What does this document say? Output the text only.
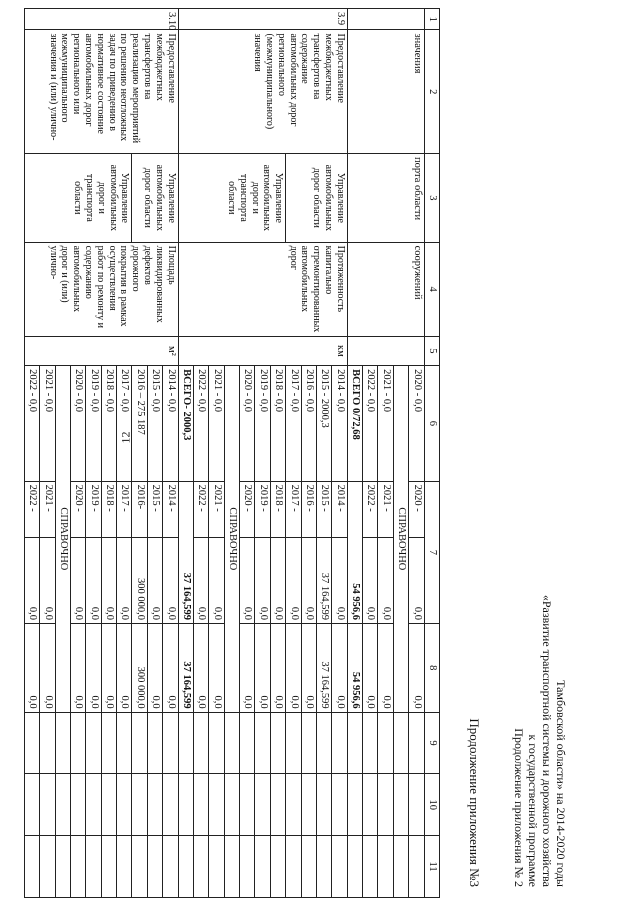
12
Продолжение приложения №3	Продолжение приложения № 2 к государственной программе «Развитие транспортной системы и дорожного хозяйства Тамбовской области» на 2014-2020 годы
1	2	3	4	5	6	7		8	9	10	11
	значения	порта области	сооружений		2020 - 0,0	2020 -	0,0	0,0			
					СПРАВОЧНО						
					2021 - 0,0	2021 -	0,0	0,0			
					2022 - 0,0	2022 -	0,0	0,0			
					ВСЕГО 0/72,68	54 956,6		54 956,6			
3.9	Предоставление межбюджетных трансфертов на содержание автомобильных дорог регионального (межмуниципального) значения	Управление автомобильных дорог области	Протяженность капитально отремонтированных автомобильных дорог	км	2014 - 0,0	2014 -	0,0	0,0			
					2015 - 2000,3	2015 -	37 164,599	37 164,599			
					2016 - 0,0	2016 -	0,0	0,0			
					2017 - 0,0	2017 -	0,0	0,0			
		Управление автомобильных дорог и транспорта области			2018 - 0,0	2018 -	0,0	0,0			
					2019 - 0,0	2019 -	0,0	0,0			
					2020 - 0,0	2020 -	0,0	0,0			
					СПРАВОЧНО						
					2021 - 0,0	2021 -	0,0	0,0			
					2022 - 0,0	2022 -	0,0	0,0			
					ВСЕГО- 2000,3	37 164,599		37 164,599			
3.10	Предоставление межбюджетных трансфертов на реализацию мероприятий по решению неотложных задач по приведению в нормативное состояние автомобильных дорог регионального или межмуниципального значения и (или) улично-	Управление автомобильных дорог области	Площадь ликвидированных дефектов дорожного покрытия в рамках осуществления работ по ремонту и содержанию автомобильных дорог и (или) улично-	м²	2014 - 0,0	2014 -	0,0	0,0			
					2015 - 0,0	2015 -	0,0	0,0			
					2016 – 275 187	2016-	300 000,0	300 000,0			
		Управление автомобильных дорог и транспорта области			2017 - 0,0	2017 -	0,0	0,0			
					2018 - 0,0	2018 -	0,0	0,0			
					2019 - 0,0	2019 -	0,0	0,0			
					2020 - 0,0	2020 -	0,0	0,0			
					СПРАВОЧНО						
					2021 - 0,0	2021 -	0,0	0,0			
					2022 - 0,0	2022 -	0,0	0,0			
